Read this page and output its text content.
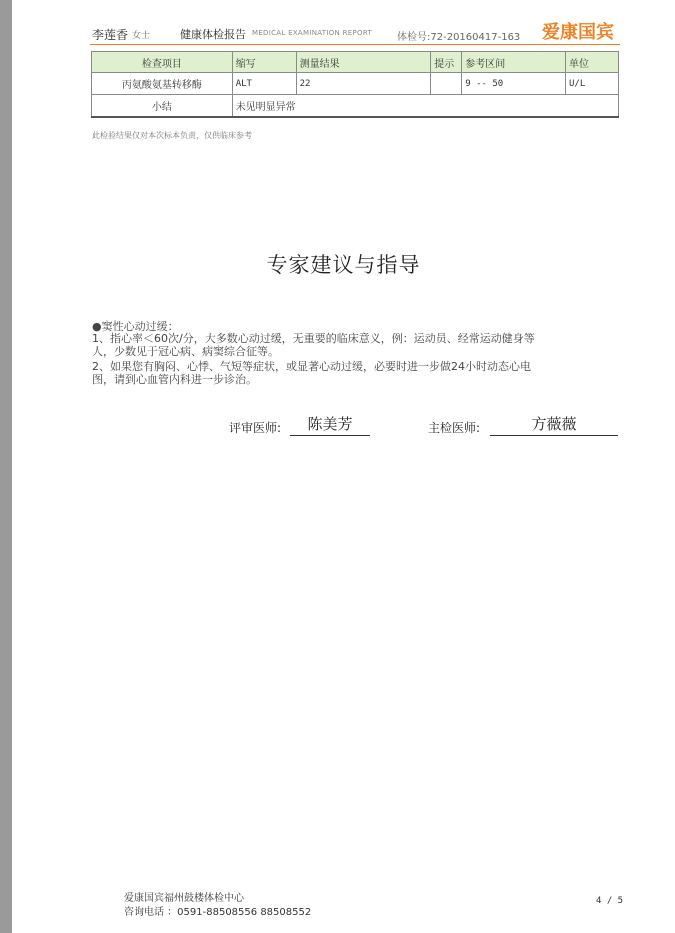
李莲香 女士	健康体检报告 MEDICAL EXAMINATION REPORT 体检号:72-20160417-163 爱康国宾
检查项目	缩写	测量结果	提示	参考区间	单位
丙氨酸氨基转移酶	ALT	22		9 -- 50	U/L
小结	未见明显异常				
此检验结果仅对本次标本负责，仅供临床参考
专家建议与指导
●窦性心动过缓：
1、指心率＜60次/分，大多数心动过缓，无重要的临床意义，例：运动员、经常运动健身等
人，少数见于冠心病、病窦综合征等。
2、如果您有胸闷、心悸、气短等症状，或显著心动过缓，必要时进一步做24小时动态心电
图，请到心血管内科进一步诊治。
评审医师:	陈美芳	主检医师:	方薇薇
爱康国宾福州鼓楼体检中心
咨询电话 ：0591-88508556 88508552
4 / 5
